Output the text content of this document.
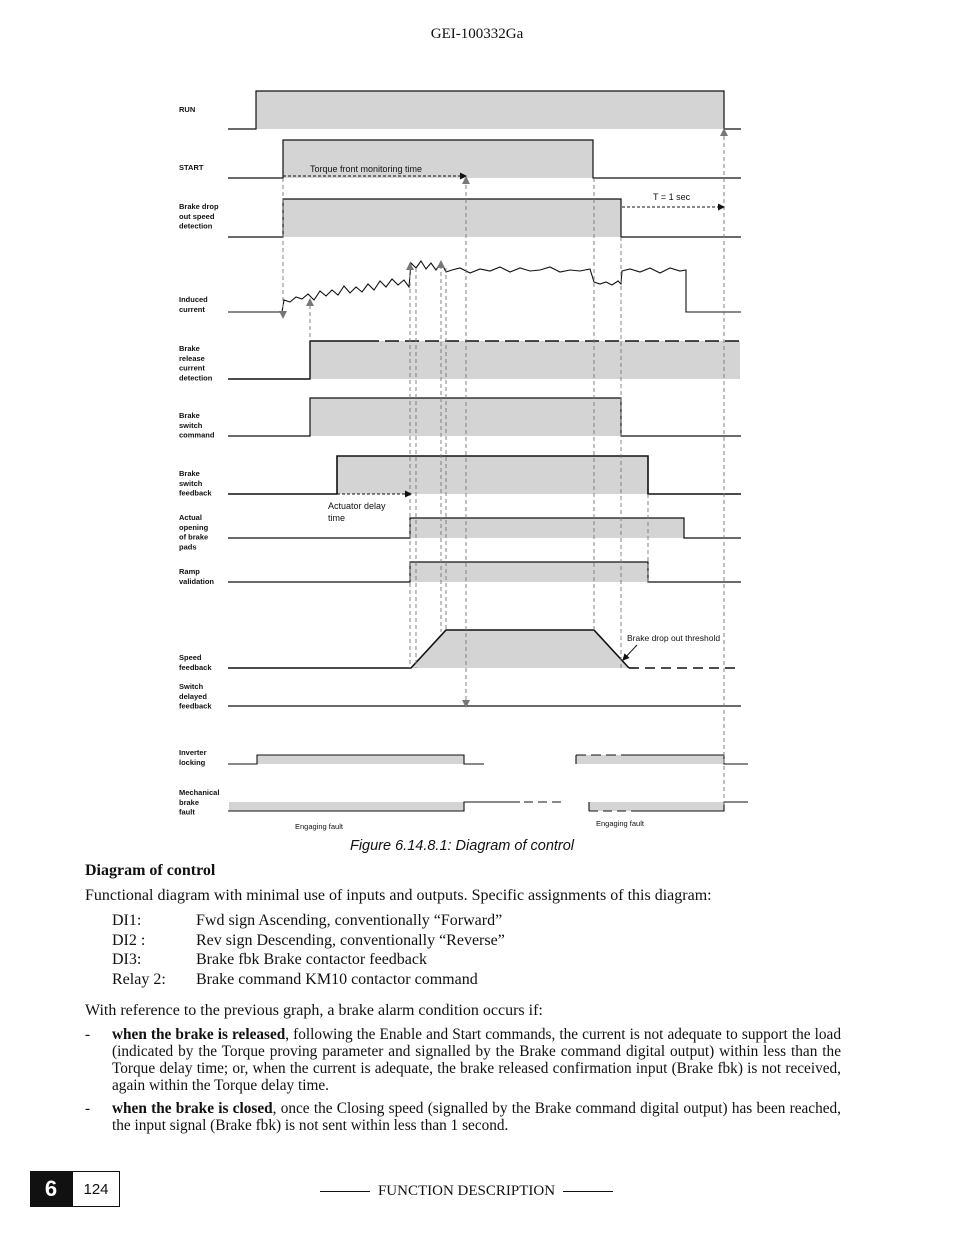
GEI-100332Ga
RUN
START
Brake drop
out speed
detection
Induced
current
Brake
release
current
detection
Brake
switch
command
Brake
switch
feedback
Actual
opening
of brake
pads
Ramp
validation
Speed
feedback
Switch
delayed
feedback
Inverter
locking
Mechanical
brake
fault
Torque front monitoring time
T = 1 sec
Actuator delay
time
Brake drop out threshold
Engaging fault	Engaging fault
Figure 6.14.8.1: Diagram of control
Diagram of control
Functional diagram with minimal use of inputs and outputs. Specific assignments of this diagram:
DI1:	Fwd sign Ascending, conventionally “Forward”
DI2 :	Rev sign Descending, conventionally “Reverse”
DI3:	Brake fbk Brake contactor feedback
Relay 2: Brake command KM10 contactor command
With reference to the previous graph, a brake alarm condition occurs if:
- when the brake is released, following the Enable and Start commands, the current is not adequate to support the load (indicated by the Torque proving parameter and signalled by the Brake command digital output) within less than the Torque delay time; or, when the current is adequate, the brake released confirmation input (Brake fbk) is not received, again within the Torque delay time.
- when the brake is closed, once the Closing speed (signalled by the Brake command digital output) has been reached, the input signal (Brake fbk) is not sent within less than 1 second.
6	124	FUNCTION DESCRIPTION
